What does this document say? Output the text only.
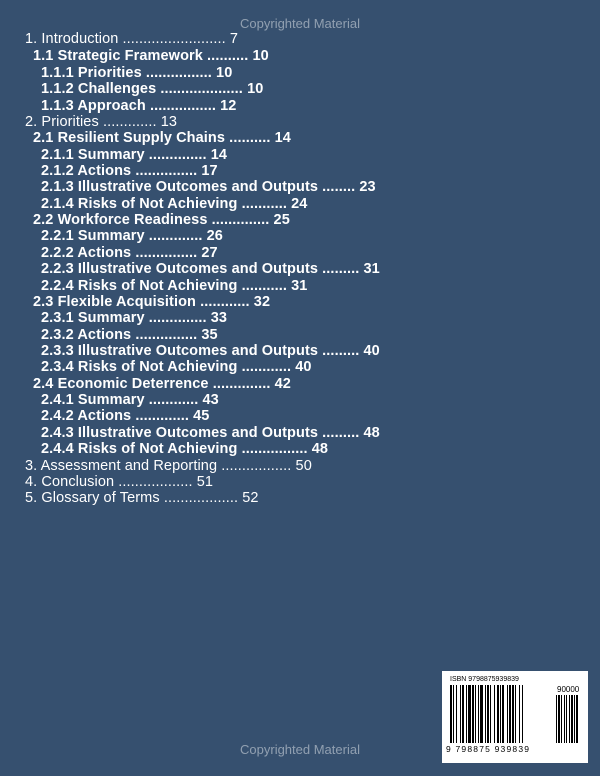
Copyrighted Material
1. Introduction ......................... 7
1.1 Strategic Framework .......... 10
1.1.1 Priorities ................ 10
1.1.2 Challenges .................... 10
1.1.3 Approach ................ 12
2. Priorities ............. 13
2.1 Resilient Supply Chains .......... 14
2.1.1 Summary .............. 14
2.1.2 Actions ............... 17
2.1.3 Illustrative Outcomes and Outputs ........ 23
2.1.4 Risks of Not Achieving ........... 24
2.2 Workforce Readiness .............. 25
2.2.1 Summary ............. 26
2.2.2 Actions ............... 27
2.2.3 Illustrative Outcomes and Outputs ......... 31
2.2.4 Risks of Not Achieving ........... 31
2.3 Flexible Acquisition ............ 32
2.3.1 Summary .............. 33
2.3.2 Actions ............... 35
2.3.3 Illustrative Outcomes and Outputs ......... 40
2.3.4 Risks of Not Achieving ............ 40
2.4 Economic Deterrence .............. 42
2.4.1 Summary ............ 43
2.4.2 Actions ............. 45
2.4.3 Illustrative Outcomes and Outputs ......... 48
2.4.4 Risks of Not Achieving ................ 48
3. Assessment and Reporting ................. 50
4. Conclusion .................. 51
5. Glossary of Terms .................. 52
ISBN 9798875939839
90000
9 798875 939839
Copyrighted Material
